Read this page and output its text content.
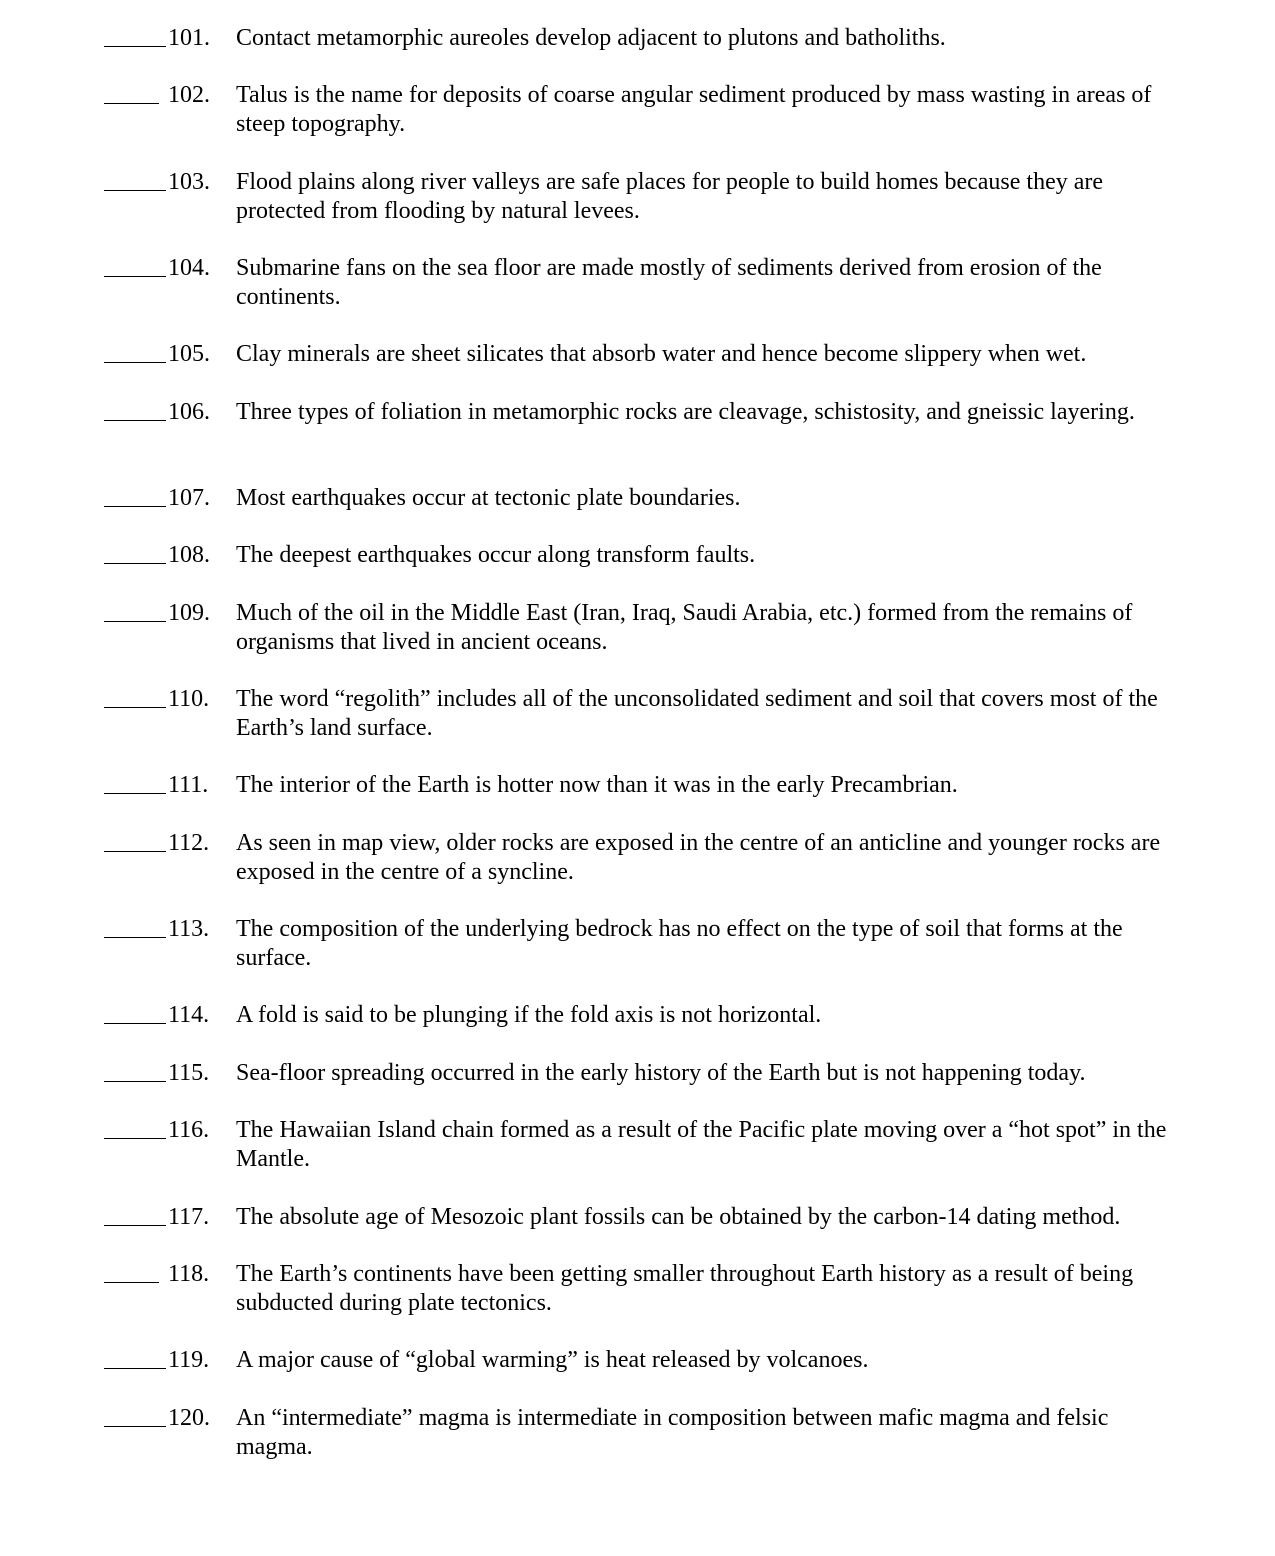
101. Contact metamorphic aureoles develop adjacent to plutons and batholiths.
102. Talus is the name for deposits of coarse angular sediment produced by mass wasting in areas of steep topography.
103. Flood plains along river valleys are safe places for people to build homes because they are protected from flooding by natural levees.
104. Submarine fans on the sea floor are made mostly of sediments derived from erosion of the continents.
105. Clay minerals are sheet silicates that absorb water and hence become slippery when wet.
106. Three types of foliation in metamorphic rocks are cleavage, schistosity, and gneissic layering.
107. Most earthquakes occur at tectonic plate boundaries.
108. The deepest earthquakes occur along transform faults.
109. Much of the oil in the Middle East (Iran, Iraq, Saudi Arabia, etc.) formed from the remains of organisms that lived in ancient oceans.
110. The word “regolith” includes all of the unconsolidated sediment and soil that covers most of the Earth’s land surface.
111. The interior of the Earth is hotter now than it was in the early Precambrian.
112. As seen in map view, older rocks are exposed in the centre of an anticline and younger rocks are exposed in the centre of a syncline.
113. The composition of the underlying bedrock has no effect on the type of soil that forms at the surface.
114. A fold is said to be plunging if the fold axis is not horizontal.
115. Sea-floor spreading occurred in the early history of the Earth but is not happening today.
116. The Hawaiian Island chain formed as a result of the Pacific plate moving over a “hot spot” in the Mantle.
117. The absolute age of Mesozoic plant fossils can be obtained by the carbon-14 dating method.
118. The Earth’s continents have been getting smaller throughout Earth history as a result of being subducted during plate tectonics.
119. A major cause of “global warming” is heat released by volcanoes.
120. An “intermediate” magma is intermediate in composition between mafic magma and felsic magma.
